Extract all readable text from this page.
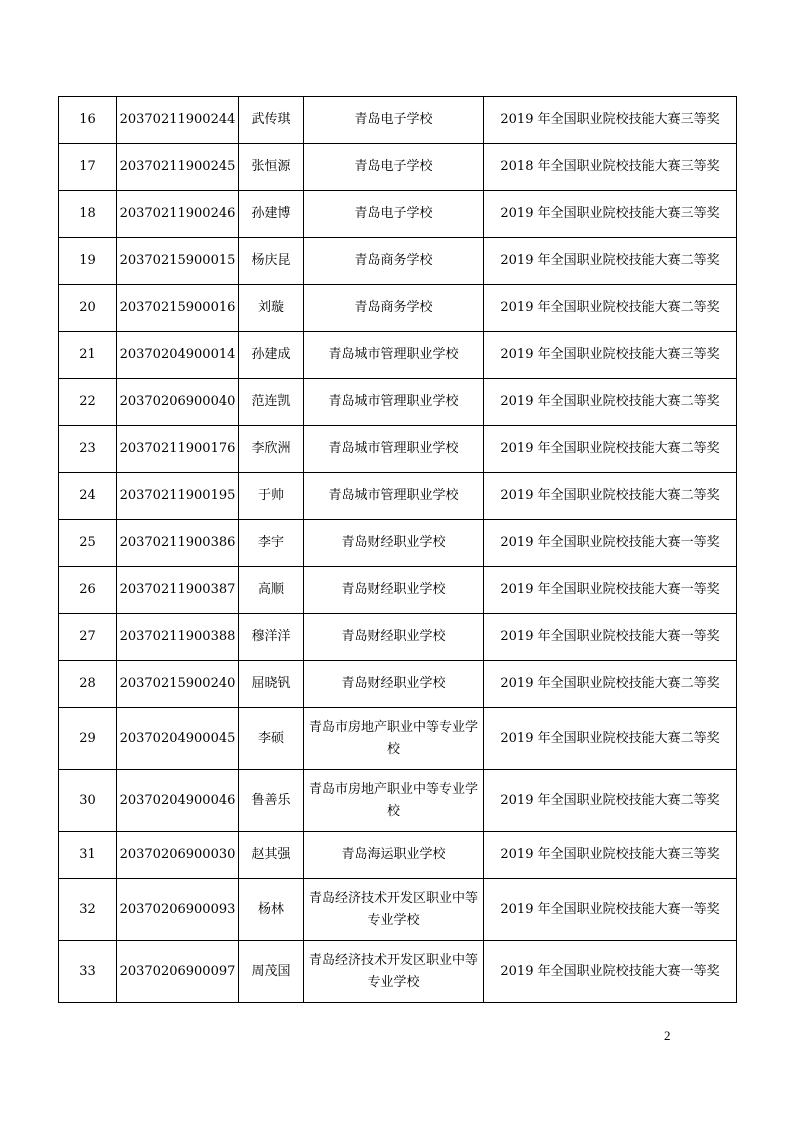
16	20370211900244	武传琪	青岛电子学校	2019 年全国职业院校技能大赛三等奖
17	20370211900245	张恒源	青岛电子学校	2018 年全国职业院校技能大赛三等奖
18	20370211900246	孙建博	青岛电子学校	2019 年全国职业院校技能大赛三等奖
19	20370215900015	杨庆昆	青岛商务学校	2019 年全国职业院校技能大赛二等奖
20	20370215900016	刘璇	青岛商务学校	2019 年全国职业院校技能大赛二等奖
21	20370204900014	孙建成	青岛城市管理职业学校	2019 年全国职业院校技能大赛三等奖
22	20370206900040	范连凯	青岛城市管理职业学校	2019 年全国职业院校技能大赛二等奖
23	20370211900176	李欣洲	青岛城市管理职业学校	2019 年全国职业院校技能大赛二等奖
24	20370211900195	于帅	青岛城市管理职业学校	2019 年全国职业院校技能大赛二等奖
25	20370211900386	李宇	青岛财经职业学校	2019 年全国职业院校技能大赛一等奖
26	20370211900387	高顺	青岛财经职业学校	2019 年全国职业院校技能大赛一等奖
27	20370211900388	穆洋洋	青岛财经职业学校	2019 年全国职业院校技能大赛一等奖
28	20370215900240	屈晓钒	青岛财经职业学校	2019 年全国职业院校技能大赛二等奖
29	20370204900045	李硕	青岛市房地产职业中等专业学校	2019 年全国职业院校技能大赛二等奖
30	20370204900046	鲁善乐	青岛市房地产职业中等专业学校	2019 年全国职业院校技能大赛二等奖
31	20370206900030	赵其强	青岛海运职业学校	2019 年全国职业院校技能大赛三等奖
32	20370206900093	杨林	青岛经济技术开发区职业中等专业学校	2019 年全国职业院校技能大赛一等奖
33	20370206900097	周茂国	青岛经济技术开发区职业中等专业学校	2019 年全国职业院校技能大赛一等奖
2
